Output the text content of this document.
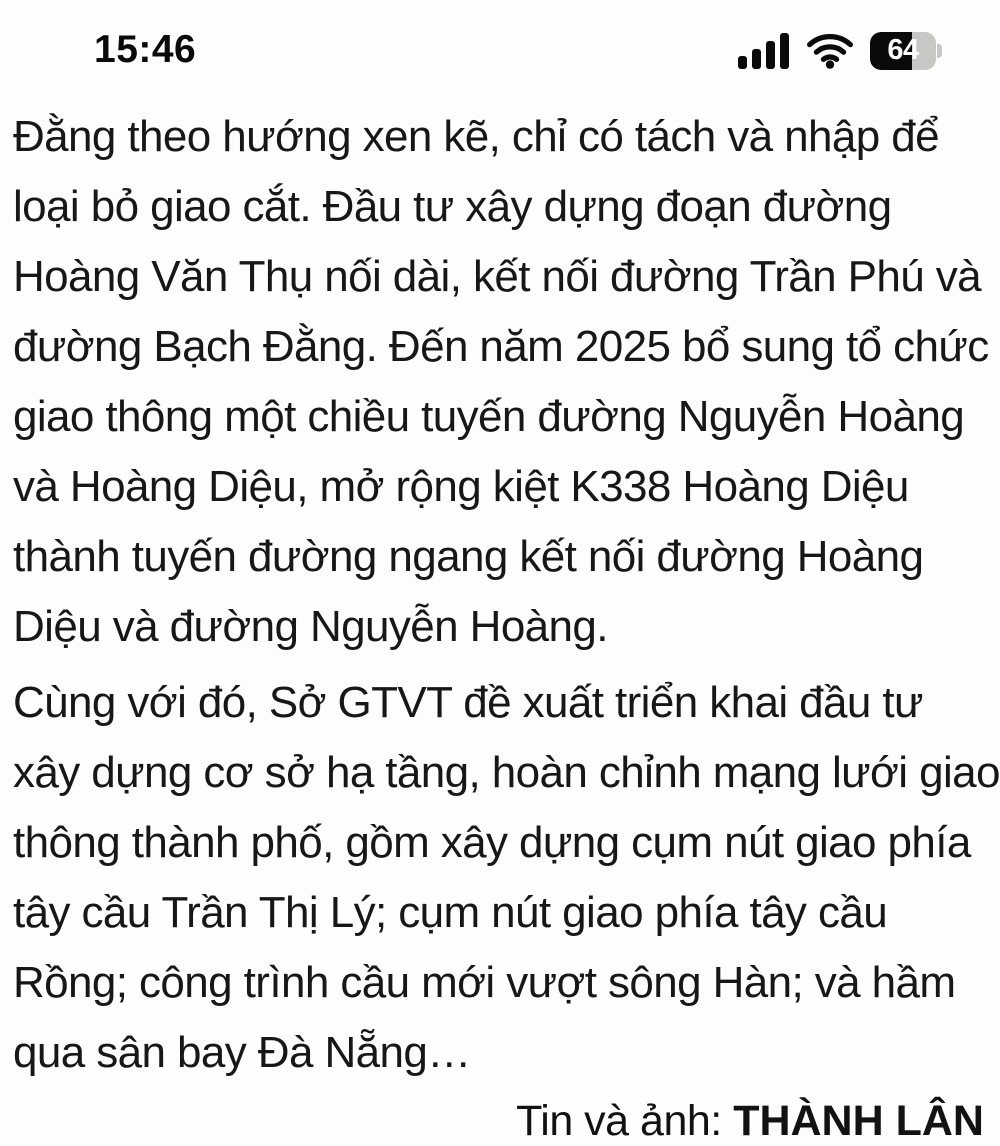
15:46	64
Đằng theo hướng xen kẽ, chỉ có tách và nhập để
loại bỏ giao cắt. Đầu tư xây dựng đoạn đường
Hoàng Văn Thụ nối dài, kết nối đường Trần Phú và
đường Bạch Đằng. Đến năm 2025 bổ sung tổ chức
giao thông một chiều tuyến đường Nguyễn Hoàng
và Hoàng Diệu, mở rộng kiệt K338 Hoàng Diệu
thành tuyến đường ngang kết nối đường Hoàng
Diệu và đường Nguyễn Hoàng.
Cùng với đó, Sở GTVT đề xuất triển khai đầu tư
xây dựng cơ sở hạ tầng, hoàn chỉnh mạng lưới giao
thông thành phố, gồm xây dựng cụm nút giao phía
tây cầu Trần Thị Lý; cụm nút giao phía tây cầu
Rồng; công trình cầu mới vượt sông Hàn; và hầm
qua sân bay Đà Nẵng…
Tin và ảnh: THÀNH LÂN
